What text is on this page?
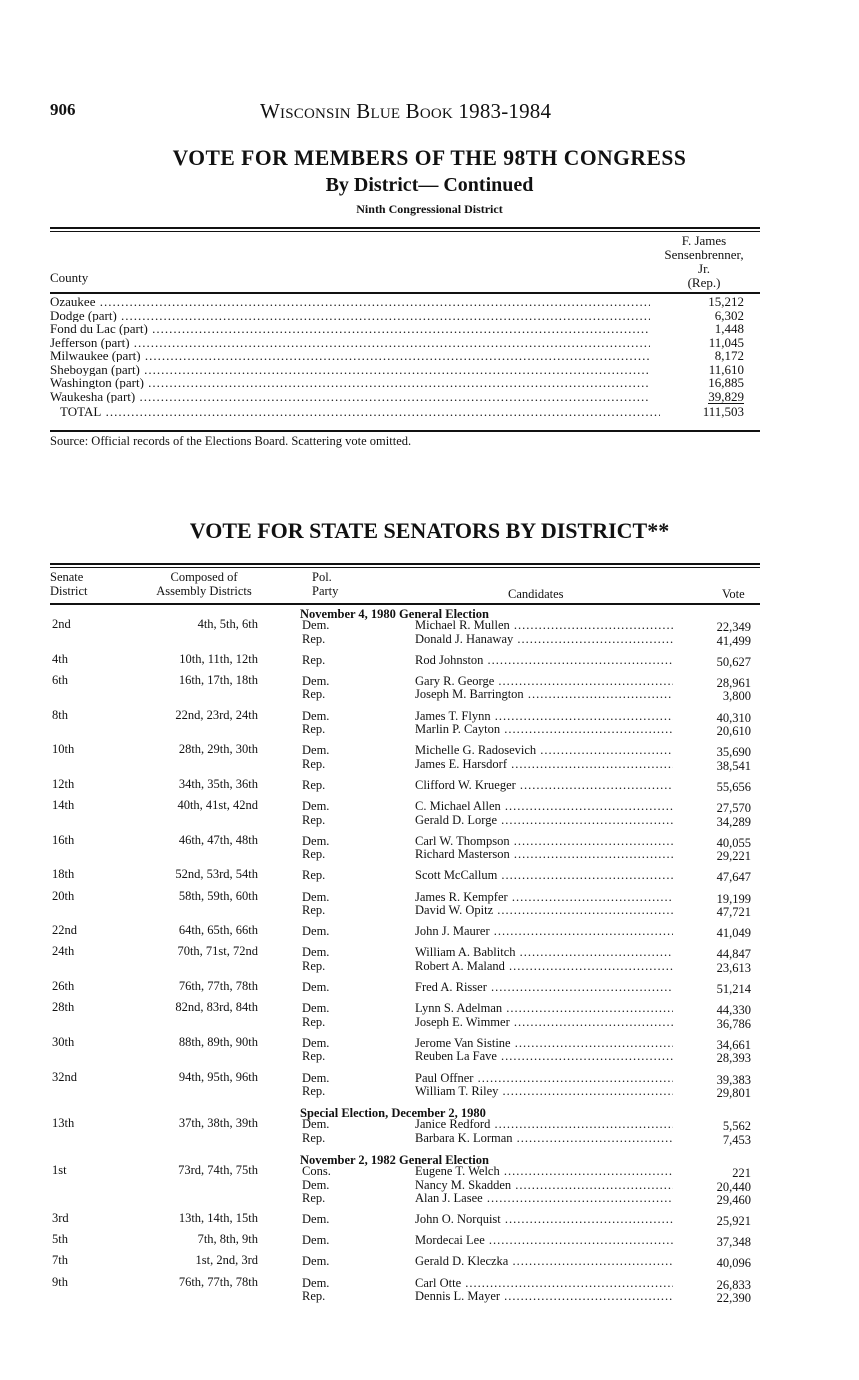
906	Wisconsin Blue Book 1983-1984
VOTE FOR MEMBERS OF THE 98TH CONGRESS
By District— Continued
Ninth Congressional District
County
F. James
Sensenbrenner,
Jr.
(Rep.)
Ozaukee .....	15,212
Dodge (part) .....	6,302
Fond du Lac (part) .....	1,448
Jefferson (part) .....	11,045
Milwaukee (part) .....	8,172
Sheboygan (part) .....	11,610
Washington (part) .....	16,885
Waukesha (part) .....	39,829
TOTAL .....	111,503
Source: Official records of the Elections Board. Scattering vote omitted.
VOTE FOR STATE SENATORS BY DISTRICT**
Senate
District
Composed of
Assembly Districts
Pol.
Party	Candidates	Vote
November 4, 1980 General Election
2nd	4th, 5th, 6th	Dem.	Michael R. Mullen .....	22,349
Rep.	Donald J. Hanaway .....	41,499
4th	10th, 11th, 12th	Rep.	Rod Johnston .....	50,627
6th	16th, 17th, 18th	Dem.	Gary R. George .....	28,961
Rep.	Joseph M. Barrington .....	3,800
8th	22nd, 23rd, 24th	Dem.	James T. Flynn .....	40,310
Rep.	Marlin P. Cayton .....	20,610
10th	28th, 29th, 30th	Dem.	Michelle G. Radosevich .....	35,690
Rep.	James E. Harsdorf .....	38,541
12th	34th, 35th, 36th	Rep.	Clifford W. Krueger .....	55,656
14th	40th, 41st, 42nd	Dem.	C. Michael Allen .....	27,570
Rep.	Gerald D. Lorge .....	34,289
16th	46th, 47th, 48th	Dem.	Carl W. Thompson .....	40,055
Rep.	Richard Masterson .....	29,221
18th	52nd, 53rd, 54th	Rep.	Scott McCallum .....	47,647
20th	58th, 59th, 60th	Dem.	James R. Kempfer .....	19,199
Rep.	David W. Opitz .....	47,721
22nd	64th, 65th, 66th	Dem.	John J. Maurer .....	41,049
24th	70th, 71st, 72nd	Dem.	William A. Bablitch .....	44,847
Rep.	Robert A. Maland .....	23,613
26th	76th, 77th, 78th	Dem.	Fred A. Risser .....	51,214
28th	82nd, 83rd, 84th	Dem.	Lynn S. Adelman .....	44,330
Rep.	Joseph E. Wimmer .....	36,786
30th	88th, 89th, 90th	Dem.	Jerome Van Sistine .....	34,661
Rep.	Reuben La Fave .....	28,393
32nd	94th, 95th, 96th	Dem.	Paul Offner .....	39,383
Rep.	William T. Riley .....	29,801
Special Election, December 2, 1980
13th	37th, 38th, 39th	Dem.	Janice Redford .....	5,562
Rep.	Barbara K. Lorman .....	7,453
November 2, 1982 General Election
1st	73rd, 74th, 75th	Cons.	Eugene T. Welch .....	221
Dem.	Nancy M. Skadden .....	20,440
Rep.	Alan J. Lasee .....	29,460
3rd	13th, 14th, 15th	Dem.	John O. Norquist .....	25,921
5th	7th, 8th, 9th	Dem.	Mordecai Lee .....	37,348
7th	1st, 2nd, 3rd	Dem.	Gerald D. Kleczka .....	40,096
9th	76th, 77th, 78th	Dem.	Carl Otte .....	26,833
Rep.	Dennis L. Mayer .....	22,390
